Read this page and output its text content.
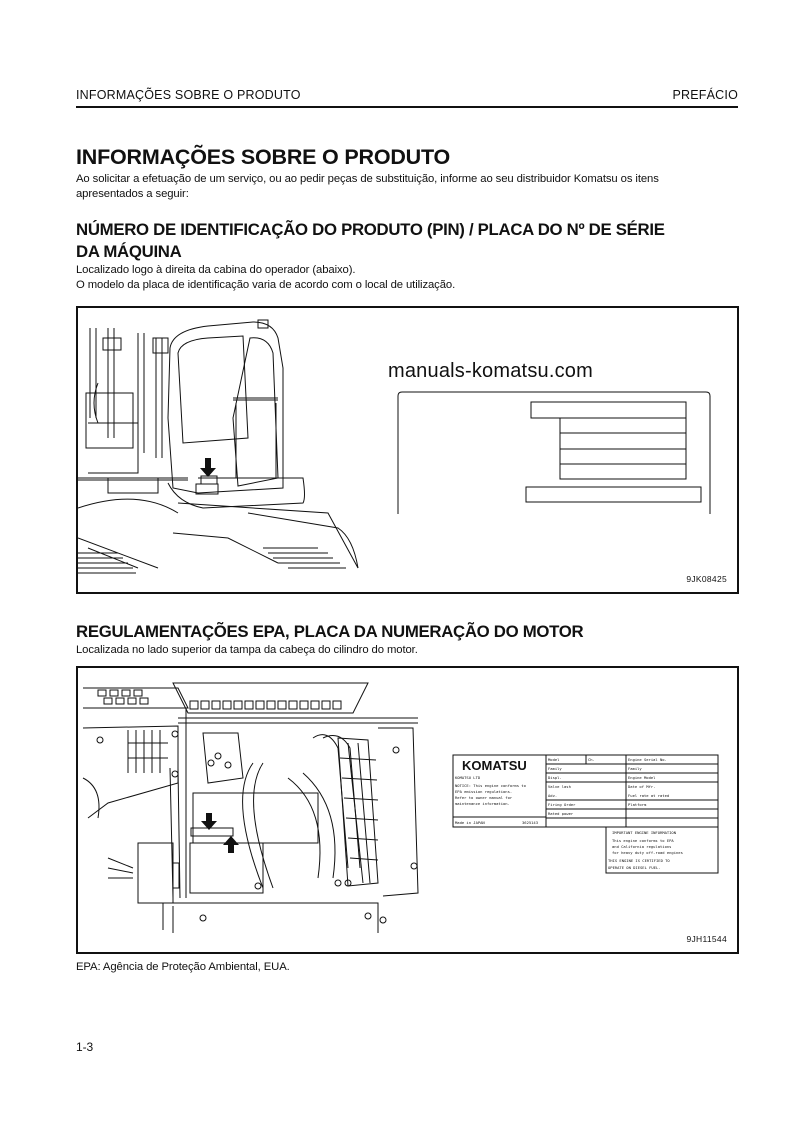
INFORMAÇÕES SOBRE O PRODUTO	PREFÁCIO
INFORMAÇÕES SOBRE O PRODUTO
Ao solicitar a efetuação de um serviço, ou ao pedir peças de substituição, informe ao seu distribuidor Komatsu os itens
apresentados a seguir:
NÚMERO DE IDENTIFICAÇÃO DO PRODUTO (PIN) / PLACA DO Nº DE SÉRIE
DA MÁQUINA
Localizado logo à direita da cabina do operador (abaixo).
O modelo da placa de identificação varia de acordo com o local de utilização.
manuals-komatsu.com
9JK08425
REGULAMENTAÇÕES EPA, PLACA DA NUMERAÇÃO DO MOTOR
Localizada no lado superior da tampa da cabeça do cilindro do motor.
KOMATSU
KOMATSU LTD
NOTICE: This engine conforms to
EPA emission regulations.
Refer to owner manual for
maintenance information.
Made in JAPAN	3625143
Model	Ch.	Engine Serial No.
Family	Family
Displ.	Engine Model
Valve lash	Date of Mfr.
Adv.	Fuel rate at rated
Firing Order	Platform
Rated power
IMPORTANT ENGINE INFORMATION
This engine conforms to EPA
and California regulations
for heavy duty off-road engines
THIS ENGINE IS CERTIFIED TO
OPERATE ON DIESEL FUEL.
9JH11544
EPA: Agência de Proteção Ambiental, EUA.
1-3
